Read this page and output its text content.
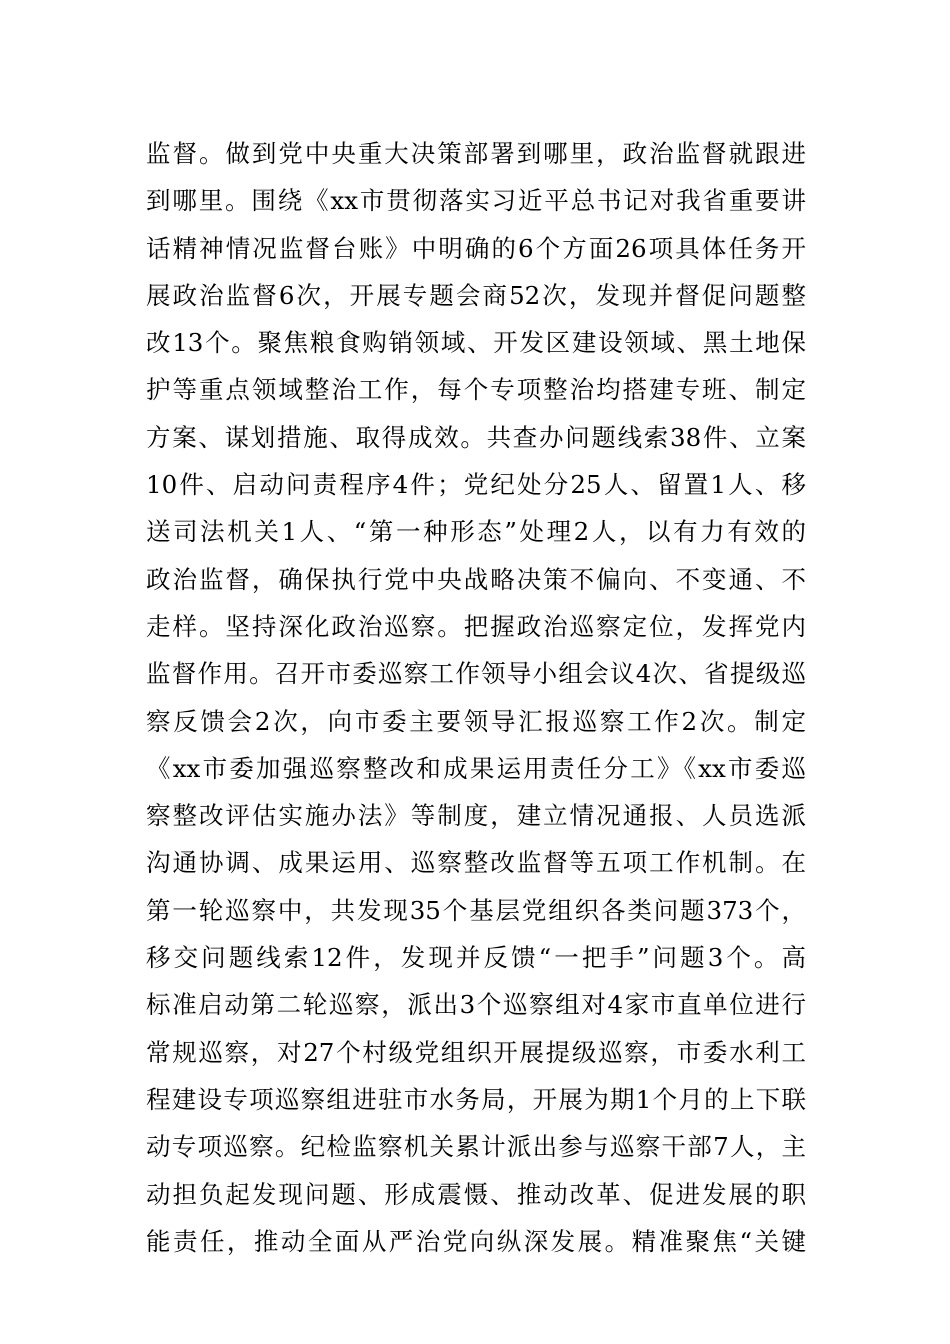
监督。做到党中央重大决策部署到哪里，政治监督就跟进
到哪里。围绕《xx市贯彻落实习近平总书记对我省重要讲
话精神情况监督台账》中明确的6个方面26项具体任务开
展政治监督6次，开展专题会商52次，发现并督促问题整
改13个。聚焦粮食购销领域、开发区建设领域、黑土地保
护等重点领域整治工作，每个专项整治均搭建专班、制定
方案、谋划措施、取得成效。共查办问题线索38件、立案
10件、启动问责程序4件；党纪处分25人、留置1人、移
送司法机关1人、“第一种形态”处理2人，以有力有效的
政治监督，确保执行党中央战略决策不偏向、不变通、不
走样。坚持深化政治巡察。把握政治巡察定位，发挥党内
监督作用。召开市委巡察工作领导小组会议4次、省提级巡
察反馈会2次，向市委主要领导汇报巡察工作2次。制定
《xx市委加强巡察整改和成果运用责任分工》《xx市委巡
察整改评估实施办法》等制度，建立情况通报、人员选派
沟通协调、成果运用、巡察整改监督等五项工作机制。在
第一轮巡察中，共发现35个基层党组织各类问题373个，
移交问题线索12件，发现并反馈“一把手”问题3个。高
标准启动第二轮巡察，派出3个巡察组对4家市直单位进行
常规巡察，对27个村级党组织开展提级巡察，市委水利工
程建设专项巡察组进驻市水务局，开展为期1个月的上下联
动专项巡察。纪检监察机关累计派出参与巡察干部7人，主
动担负起发现问题、形成震慑、推动改革、促进发展的职
能责任，推动全面从严治党向纵深发展。精准聚焦“关键
